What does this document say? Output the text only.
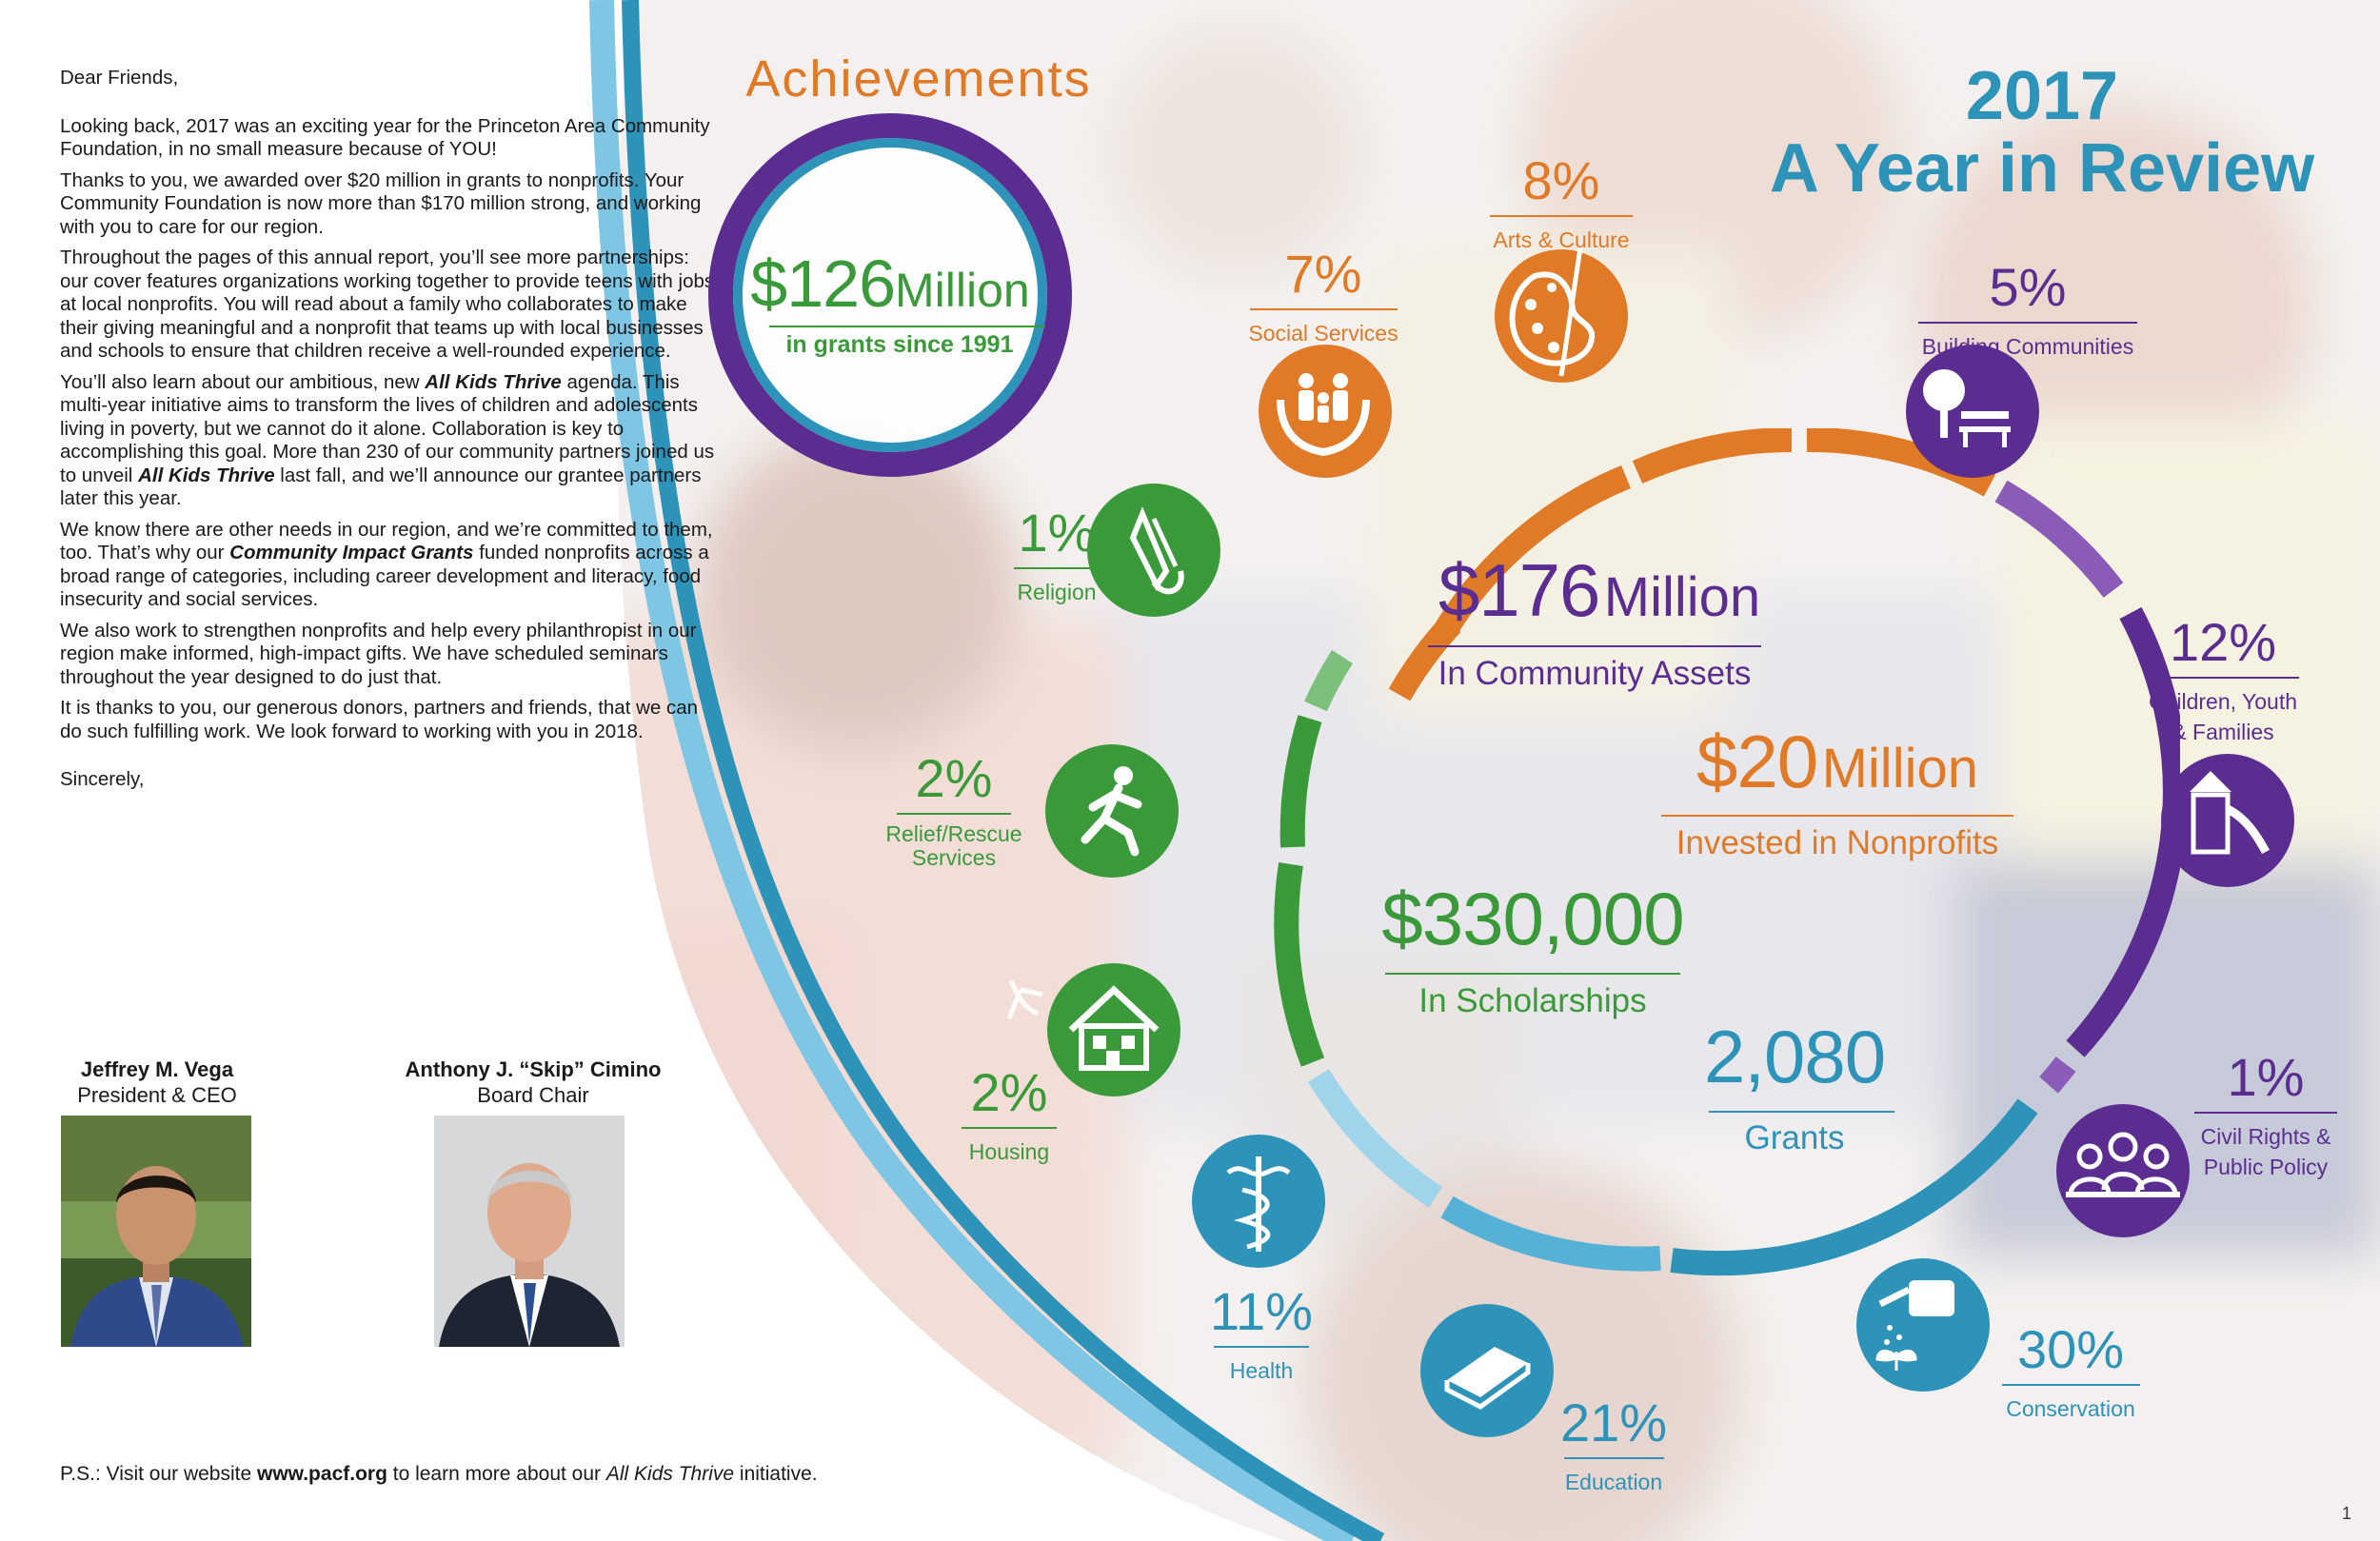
Dear Friends,

Looking back, 2017 was an exciting year for the Princeton Area Community Foundation, in no small measure because of YOU!

Thanks to you, we awarded over $20 million in grants to nonprofits. Your Community Foundation is now more than $170 million strong, and working with you to care for our region.

Throughout the pages of this annual report, you’ll see more partnerships: our cover features organizations working together to provide teens with jobs at local nonprofits. You will read about a family who collaborates to make their giving meaningful and a nonprofit that teams up with local businesses and schools to ensure that children receive a well-rounded experience.

You’ll also learn about our ambitious, new All Kids Thrive agenda. This multi-year initiative aims to transform the lives of children and adolescents living in poverty, but we cannot do it alone. Collaboration is key to accomplishing this goal. More than 230 of our community partners joined us to unveil All Kids Thrive last fall, and we’ll announce our grantee partners later this year.

We know there are other needs in our region, and we’re committed to them, too. That’s why our Community Impact Grants funded nonprofits across a broad range of categories, including career development and literacy, food insecurity and social services.

We also work to strengthen nonprofits and help every philanthropist in our region make informed, high-impact gifts. We have scheduled seminars throughout the year designed to do just that.

It is thanks to you, our generous donors, partners and friends, that we can do such fulfilling work. We look forward to working with you in 2018.

Sincerely,

Jeffrey M. Vega
President & CEO
Anthony J. “Skip” Cimino
Board Chair
P.S.: Visit our website www.pacf.org to learn more about our All Kids Thrive initiative.
Achievements	2017
A Year in Review
$126Million
in grants since 1991
$176 Million
In Community Assets
$20 Million
Invested in Nonprofits
$330,000
In Scholarships
2,080
Grants
8%
Arts & Culture
7%
Social Services
5%
Building Communities
1%
Religion
12%
Children, Youth
& Families
2%
Relief/Rescue
Services
2%
Housing
1%
Civil Rights &
Public Policy
11%
Health	30%
Conservation
21%
Education
1
